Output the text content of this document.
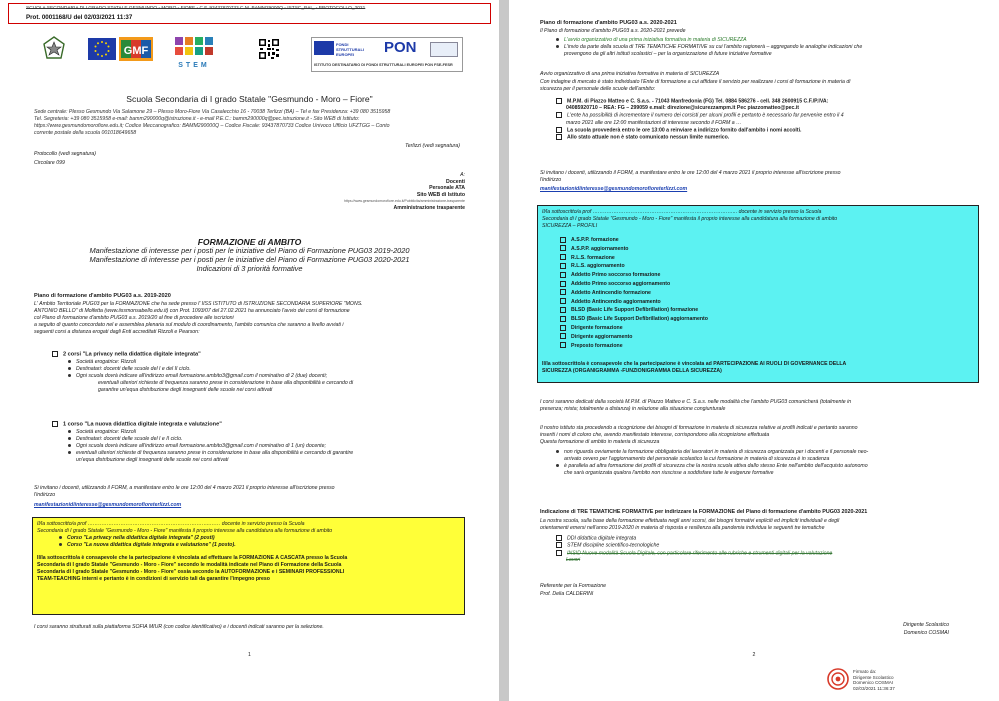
SCUOLA SECONDARIA DI I GRADO STATALE GESMUNDO - MORO - FIORE - C.F. 93437870733 C.M. BAMM29000Q - ISTSC_BAI_ - PROTOCOLLO_2021
Prot. 0001168/U del 02/03/2021 11:37
GMF
STEM
FONDI STRUTTURALI EUROPEI	PON
ISTITUTO DESTINATARIO DI FONDI STRUTTURALI EUROPEI PON FSE-FESR
Scuola Secondaria di I grado Statale "Gesmundo - Moro – Fiore"
Sede centrale: Plesso Gesmundo Via Salamone 29 – Plesso Moro-Fiore Via Casalecchio 16 - 70038 Terlizzi (BA) – Tel e fax Presidenza: +39 080 3515958
Tel. Segreteria: +39 080 3515958 e-mail: bamm290000q@istruzione.it - e-mail P.E.C.: bamm290000q@pec.istruzione.it - Sito WEB di Istituto:
https://www.gesmundomorofiore.edu.it; Codice Meccanografico: BAMM290000Q – Codice Fiscale: 93437870733 Codice Univoco Ufficio UFZTGG – Conto
corrente postale della scuola 001018649658
Terlizzi (vedi segnatura)
Protocollo (vedi segnatura)
Circolare 099
A:
Docenti
Personale ATA
Sito WEB di Istituto
https://www.gesmundomorofiore.edu.it/Pubblicita/amministrazione-trasparente
Amministrazione trasparente
FORMAZIONE di AMBITO
Manifestazione di interesse per i posti per le iniziative del Piano di Formazione PUG03 2019-2020
Manifestazione di interesse per i posti per le iniziative del Piano di Formazione PUG03 2020-2021
Indicazioni di 3 priorità formative
Piano di formazione d'ambito PUG03 a.s. 2019-2020
L' Ambito Territoriale PUG03 per la FORMAZIONE che ha sede presso l' IISS ISTITUTO di ISTRUZIONE SECONDARIA SUPERIORE "MONS.
ANTONIO BELLO" di Molfetta (www.iissmonsabello.edu.it) con Prot. 1093/07 del 27.02.2021 ha annunciato l'avvio dei corsi di formazione
col Piano di formazione d'ambito PUG03 a.s. 2019/20 al fine di procedere alle iscrizioni
a seguito di quanto concordato nel e assemblea plenaria sul modulo di coordinamento, l'ambito comunica che saranno a livello avviati i
seguenti corsi a distanza erogati dagli Enti accreditati Rizzoli e Pearson:
2 corsi "La privacy nella didattica digitale integrata"
Società erogatrice: Rizzoli
Destinatari: docenti delle scuole del I e del II ciclo.
Ogni scuola dovrà indicare all'indirizzo email formazione.ambito3@gmail.com il nominativo di 2 (due) docenti;
eventuali ulteriori richieste di frequenza saranno prese in considerazione in base alla disponibilità e cercando di
garantire un'equa distribuzione degli insegnanti delle scuole nei corsi attivati
1 corso "La nuova didattica digitale integrata e valutazione"
Società erogatrice: Rizzoli
Destinatari: docenti delle scuole del I e II ciclo.
Ogni scuola dovrà indicare all'indirizzo email formazione.ambito3@gmail.com il nominativo di 1 (un) docente;
eventuali ulteriori richieste di frequenza saranno prese in considerazione in base alla disponibilità e cercando di garantire
un'equa distribuzione degli insegnanti delle scuole nei corsi attivati
Si invitano i docenti, utilizzando il FORM, a manifestare entro le ore 12:00 del 4 marzo 2021 il proprio interesse all'iscrizione presso
l'indirizzo
manifestazionidiinteresse@gesmundomorofioreterlizzi.com
Il/la sottoscritto/a prof ……………………………………………………………..…… docente in servizio presso la Scuola
Secondaria di I grado Statale "Gesmundo - Moro - Fiore" manifesta il proprio interesse alla candidatura alla formazione di ambito
Corso "La privacy nella didattica digitale integrata" (2 posti)
Corso "La nuova didattica digitale integrata e valutazione" (1 posto).
Il/la sottoscritto/a è consapevole che la partecipazione è vincolata ad effettuare la FORMAZIONE A CASCATA presso la Scuola
Secondaria di I grado Statale "Gesmundo - Moro - Fiore" secondo le modalità indicate nel Piano di Formazione della Scuola
Secondaria di I grado Statale "Gesmundo - Moro - Fiore" ossia secondo la AUTOFORMAZIONE e i SEMINARI PROFESSIONLI
TEAM-TEACHING interni e pertanto è in condizioni di servizio tali da garantire l'impegno preso
I corsi saranno strutturati sulla piattaforma SOFIA MIUR (con codice identificativo) e i docenti indicati saranno per la selezione.
1
Piano di formazione d'ambito PUG03 a.s. 2020-2021
Il Piano di formazione d'ambito PUG03 a.s. 2020-2021 prevede
L'avvio organizzativo di una prima iniziativa formativa in materia di SICUREZZA
L'invio da parte della scuola di TRE TEMATICHE FORMATIVE su cui l'ambito ragionerà – aggregando le analoghe indicazioni che
provengono da gli altri istituti scolastici – per la organizzazione di future iniziative formative
Avvio organizzativo di una prima iniziativa formativa in materia di SICUREZZA
Con indagine di mercato è stato individuato l'Ente di formazione a cui affidare il servizio per realizzare i corsi di formazione in materia di
sicurezza per il personale delle scuole dell'ambito:
M.P.M. di Piazzo Matteo e C. S.a.s. - 71043 Manfredonia (FG) Tel. 0884 586276 - cell. 348 2600915 C.F./P.IVA:
04085920710 – REA: FG – 299059 e.mail: direzione@sicurezzampm.it Pec piazzomatteo@pec.it
L'ente ha possibilità di incrementare il numero dei corsisti per alcuni profili e pertanto è necessario far pervenire entro il 4
marzo 2021 alle ore 12:00 manifestazioni di interesse secondo il FORM a …
La scuola provvederà entro le ore 13:00 a reinviare a indirizzo fornito dall'ambito i nomi accolti.
Allo stato attuale non è stato comunicato nessun limite numerico.
Si invitano i docenti, utilizzando il FORM, a manifestare entro le ore 12:00 del 4 marzo 2021 il proprio interesse all'iscrizione presso
l'indirizzo
manifestazionidiinteresse@gesmundomorofioreterlizzi.com
Il/la sottoscritto/a prof ………………………………………………………………………... docente in servizio presso la Scuola
Secondaria di I grado Statale "Gesmundo - Moro - Fiore" manifesta il proprio interesse alla candidatura alla formazione di ambito
SICUREZZA – PROFILI
A.S.P.P. formazione
A.S.P.P. aggiornamento
R.L.S. formazione
R.L.S. aggiornamento
Addetto Primo soccorso formazione
Addetto Primo soccorso aggiornamento
Addetto Antincendio formazione
Addetto Antincendio aggiornamento
BLSD (Basic Life Support Defibrillation) formazione
BLSD (Basic Life Support Defibrillation) aggiornamento
Dirigente formazione
Dirigente aggiornamento
Preposto formazione
Il/la sottoscritto/a è consapevole che la partecipazione è vincolata ad PARTECIPAZIONE AI RUOLI DI GOVERNANCE DELLA
SICUREZZA (ORGANIGRAMMA -FUNZIONIGRAMMA DELLA SICUREZZA)
I corsi saranno dedicati dalla società M.P.M. di Piazzo Matteo e C. S.a.s. nelle modalità che l'ambito PUG03 comunicherà (totalmente in
presenza; mista; totalmente a distanza) in relazione alla situazione congiunturale
Il nostro istituto sta procedendo a ricognizione dei bisogni di formazione in materia di sicurezza relative ai profili indicati e pertanto saranno
inseriti i nomi di coloro che, avendo manifestato interesse, corrispondono alla ricognizione effettuata
Questa formazione di ambito in materia di sicurezza
non riguarda ovviamente la formazione obbligatoria dei lavoratori in materia di sicurezza organizzata per i docenti e il personale neo-
arrivato ovvero per l'aggiornamento del personale scolastico la cui formazione in materia di sicurezza è in scadenza
è parallela ad altra formazione dei profili di sicurezza che la nostra scuola attiva dallo stesso Ente nell'ambito dell'acquisto autonomo
che sarà organizzata qualora l'ambito non riuscisse a soddisfare tutte le esigenze formative
Indicazione di TRE TEMATICHE FORMATIVE per indirizzare la FORMAZIONE del Piano di formazione d'ambito PUG03 2020-2021
La nostra scuola, sulla base della formazione effettuata negli anni scorsi, dei bisogni formativi espliciti ed impliciti individuali e degli
orientamenti emersi nell'anno 2019-2020 in materia di risposta e resilienza alla pandemia individua le seguenti tre tematiche
DDI didattica digitale integrata
STEM discipline scientifico-tecnologiche
INSID Nuove modalità Scuola Digitale, con particolare riferimento alle rubriche e strumenti digitali per la valutazione
Lavori
Referente per la Formazione
Prof. Delia CALDERINI
Dirigente Scolastico
Domenico COSMAI
2
Firmato da:
Dirigente Scolastico
Domenico COSMAI
02/03/2021 11:36:37
